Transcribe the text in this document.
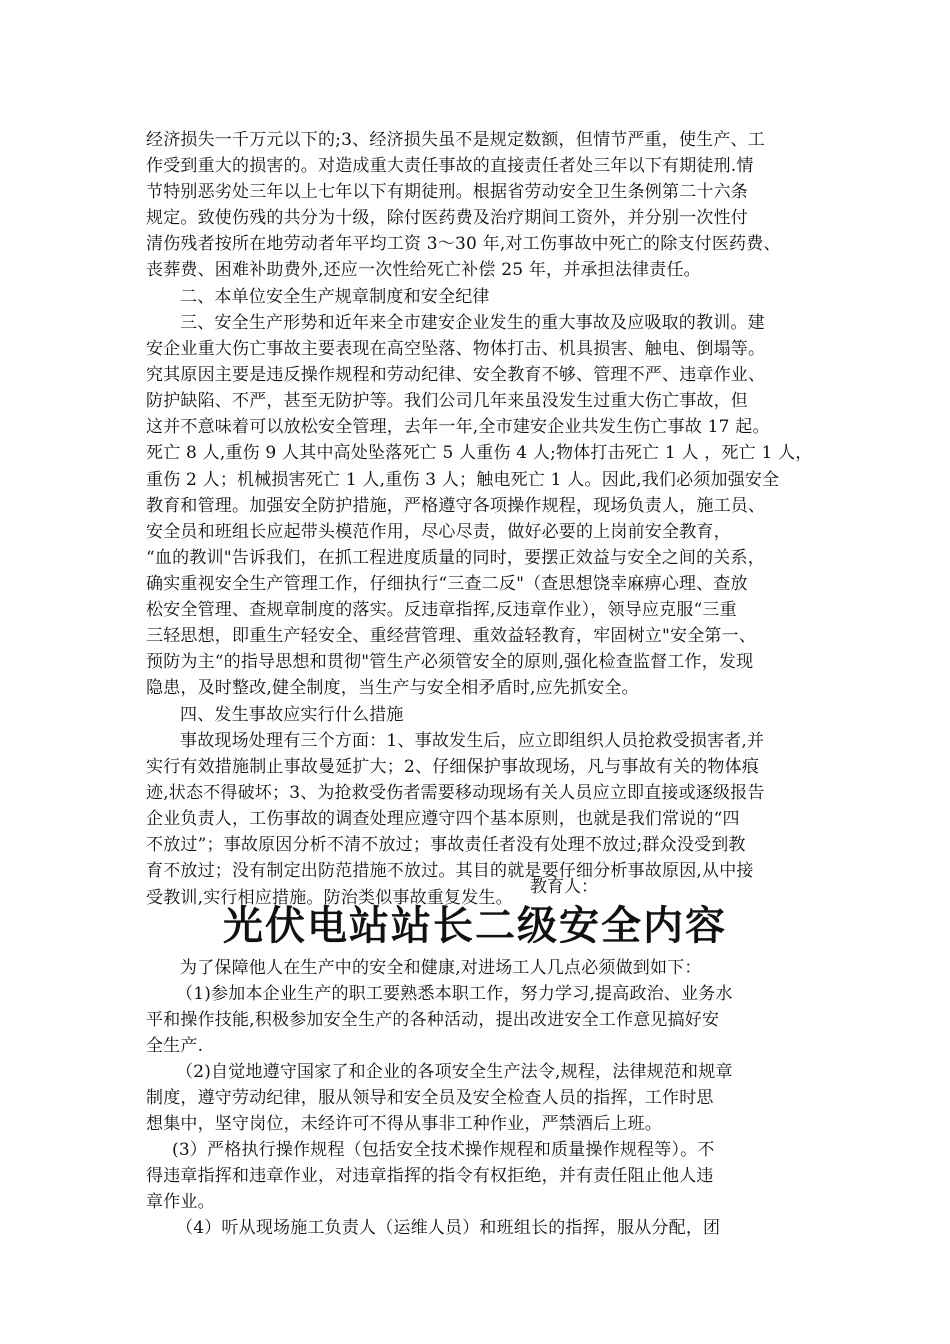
经济损失一千万元以下的;3、经济损失虽不是规定数额，但情节严重，使生产、工
作受到重大的损害的。对造成重大责任事故的直接责任者处三年以下有期徒刑.情
节特别恶劣处三年以上七年以下有期徒刑。根据省劳动安全卫生条例第二十六条
规定。致使伤残的共分为十级，除付医药费及治疗期间工资外，并分别一次性付
清伤残者按所在地劳动者年平均工资 3～30 年,对工伤事故中死亡的除支付医药费、
丧葬费、困难补助费外,还应一次性给死亡补偿 25 年，并承担法律责任。
二、本单位安全生产规章制度和安全纪律
三、安全生产形势和近年来全市建安企业发生的重大事故及应吸取的教训。建
安企业重大伤亡事故主要表现在高空坠落、物体打击、机具损害、触电、倒塌等。
究其原因主要是违反操作规程和劳动纪律、安全教育不够、管理不严、违章作业、
防护缺陷、不严，甚至无防护等。我们公司几年来虽没发生过重大伤亡事故，但
这并不意味着可以放松安全管理，去年一年,全市建安企业共发生伤亡事故 17 起。
死亡 8 人,重伤 9 人其中高处坠落死亡 5 人重伤 4 人;物体打击死亡 1 人 ，死亡 1 人，
重伤 2 人；机械损害死亡 1 人,重伤 3 人；触电死亡 1 人。因此,我们必须加强安全
教育和管理。加强安全防护措施，严格遵守各项操作规程，现场负责人，施工员、
安全员和班组长应起带头模范作用，尽心尽责，做好必要的上岗前安全教育，
“血的教训"告诉我们，在抓工程进度质量的同时，要摆正效益与安全之间的关系，
确实重视安全生产管理工作，仔细执行“三查二反"（查思想饶幸麻痹心理、查放
松安全管理、查规章制度的落实。反违章指挥,反违章作业），领导应克服“三重
三轻思想，即重生产轻安全、重经营管理、重效益轻教育，牢固树立"安全第一、
预防为主“的指导思想和贯彻"管生产必须管安全的原则,强化检查监督工作，发现
隐患，及时整改,健全制度，当生产与安全相矛盾时,应先抓安全。
四、发生事故应实行什么措施
事故现场处理有三个方面：1、事故发生后，应立即组织人员抢救受损害者,并
实行有效措施制止事故曼延扩大；2、仔细保护事故现场，凡与事故有关的物体痕
迹,状态不得破坏；3、为抢救受伤者需要移动现场有关人员应立即直接或逐级报告
企业负责人，工伤事故的调查处理应遵守四个基本原则，也就是我们常说的“四
不放过”；事故原因分析不清不放过；事故责任者没有处理不放过;群众没受到教
育不放过；没有制定出防范措施不放过。其目的就是要仔细分析事故原因,从中接
受教训,实行相应措施。防治类似事故重复发生。
教育人：
光伏电站站长二级安全内容
为了保障他人在生产中的安全和健康,对进场工人几点必须做到如下：
（1)参加本企业生产的职工要熟悉本职工作，努力学习,提高政治、业务水
平和操作技能,积极参加安全生产的各种活动，提出改进安全工作意见搞好安
全生产.
（2)自觉地遵守国家了和企业的各项安全生产法令,规程，法律规范和规章
制度，遵守劳动纪律，服从领导和安全员及安全检查人员的指挥，工作时思
想集中，坚守岗位，未经许可不得从事非工种作业，严禁酒后上班。
(3）严格执行操作规程（包括安全技术操作规程和质量操作规程等）。不
得违章指挥和违章作业，对违章指挥的指令有权拒绝，并有责任阻止他人违
章作业。
（4）听从现场施工负责人（运维人员）和班组长的指挥，服从分配，团
